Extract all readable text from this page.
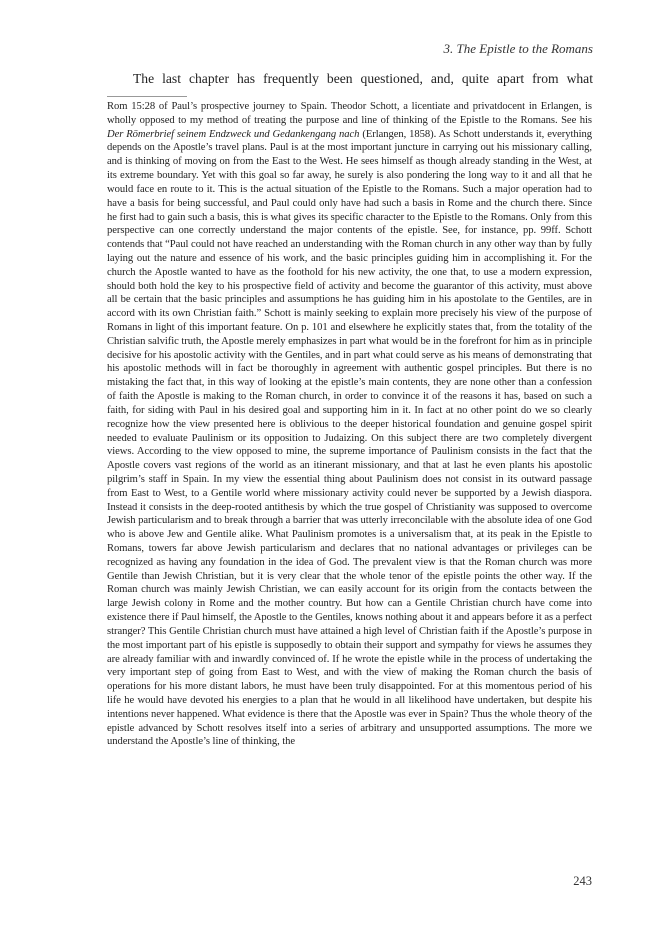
3. The Epistle to the Romans
The last chapter has frequently been questioned, and, quite apart from what

Rom 15:28 of Paul’s prospective journey to Spain. Theodor Schott, a licentiate and privatdocent in Erlangen, is wholly opposed to my method of treating the purpose and line of thinking of the Epistle to the Romans. See his Der Römerbrief seinem Endzweck und Gedankengang nach (Erlangen, 1858). As Schott understands it, everything depends on the Apostle’s travel plans. Paul is at the most important juncture in carrying out his missionary calling, and is thinking of moving on from the East to the West. He sees himself as though already standing in the West, at its extreme boundary. Yet with this goal so far away, he surely is also pondering the long way to it and all that he would face en route to it. This is the actual situation of the Epistle to the Romans. Such a major operation had to have a basis for being successful, and Paul could only have had such a basis in Rome and the church there. Since he first had to gain such a basis, this is what gives its specific character to the Epistle to the Romans. Only from this perspective can one correctly understand the major contents of the epistle. See, for instance, pp. 99ff. Schott contends that “Paul could not have reached an understanding with the Roman church in any other way than by fully laying out the nature and essence of his work, and the basic principles guiding him in accomplishing it. For the church the Apostle wanted to have as the foothold for his new activity, the one that, to use a modern expression, should both hold the key to his prospective field of activity and become the guarantor of this activity, must above all be certain that the basic principles and assumptions he has guiding him in his apostolate to the Gentiles, are in accord with its own Christian faith.” Schott is mainly seeking to explain more precisely his view of the purpose of Romans in light of this important feature. On p. 101 and elsewhere he explicitly states that, from the totality of the Christian salvific truth, the Apostle merely emphasizes in part what would be in the forefront for him as in principle decisive for his apostolic activity with the Gentiles, and in part what could serve as his means of demonstrating that his apostolic methods will in fact be thoroughly in agreement with authentic gospel principles. But there is no mistaking the fact that, in this way of looking at the epistle’s main contents, they are none other than a confession of faith the Apostle is making to the Roman church, in order to convince it of the reasons it has, based on such a faith, for siding with Paul in his desired goal and supporting him in it. In fact at no other point do we so clearly recognize how the view presented here is oblivious to the deeper historical foundation and genuine gospel spirit needed to evaluate Paulinism or its opposition to Judaizing. On this subject there are two completely divergent views. According to the view opposed to mine, the supreme importance of Paulinism consists in the fact that the Apostle covers vast regions of the world as an itinerant missionary, and that at last he even plants his apostolic pilgrim’s staff in Spain. In my view the essential thing about Paulinism does not consist in its outward passage from East to West, to a Gentile world where missionary activity could never be supported by a Jewish diaspora. Instead it consists in the deep-rooted antithesis by which the true gospel of Christianity was supposed to overcome Jewish particularism and to break through a barrier that was utterly irreconcilable with the absolute idea of one God who is above Jew and Gentile alike. What Paulinism promotes is a universalism that, at its peak in the Epistle to Romans, towers far above Jewish particularism and declares that no national advantages or privileges can be recognized as having any foundation in the idea of God. The prevalent view is that the Roman church was more Gentile than Jewish Christian, but it is very clear that the whole tenor of the epistle points the other way. If the Roman church was mainly Jewish Christian, we can easily account for its origin from the contacts between the large Jewish colony in Rome and the mother country. But how can a Gentile Christian church have come into existence there if Paul himself, the Apostle to the Gentiles, knows nothing about it and appears before it as a perfect stranger? This Gentile Christian church must have attained a high level of Christian faith if the Apostle’s purpose in the most important part of his epistle is supposedly to obtain their support and sympathy for views he assumes they are already familiar with and inwardly convinced of. If he wrote the epistle while in the process of undertaking the very important step of going from East to West, and with the view of making the Roman church the basis of operations for his more distant labors, he must have been truly disappointed. For at this momentous period of his life he would have devoted his energies to a plan that he would in all likelihood have undertaken, but despite his intentions never happened. What evidence is there that the Apostle was ever in Spain? Thus the whole theory of the epistle advanced by Schott resolves itself into a series of arbitrary and unsupported assumptions. The more we understand the Apostle’s line of thinking, the

243
